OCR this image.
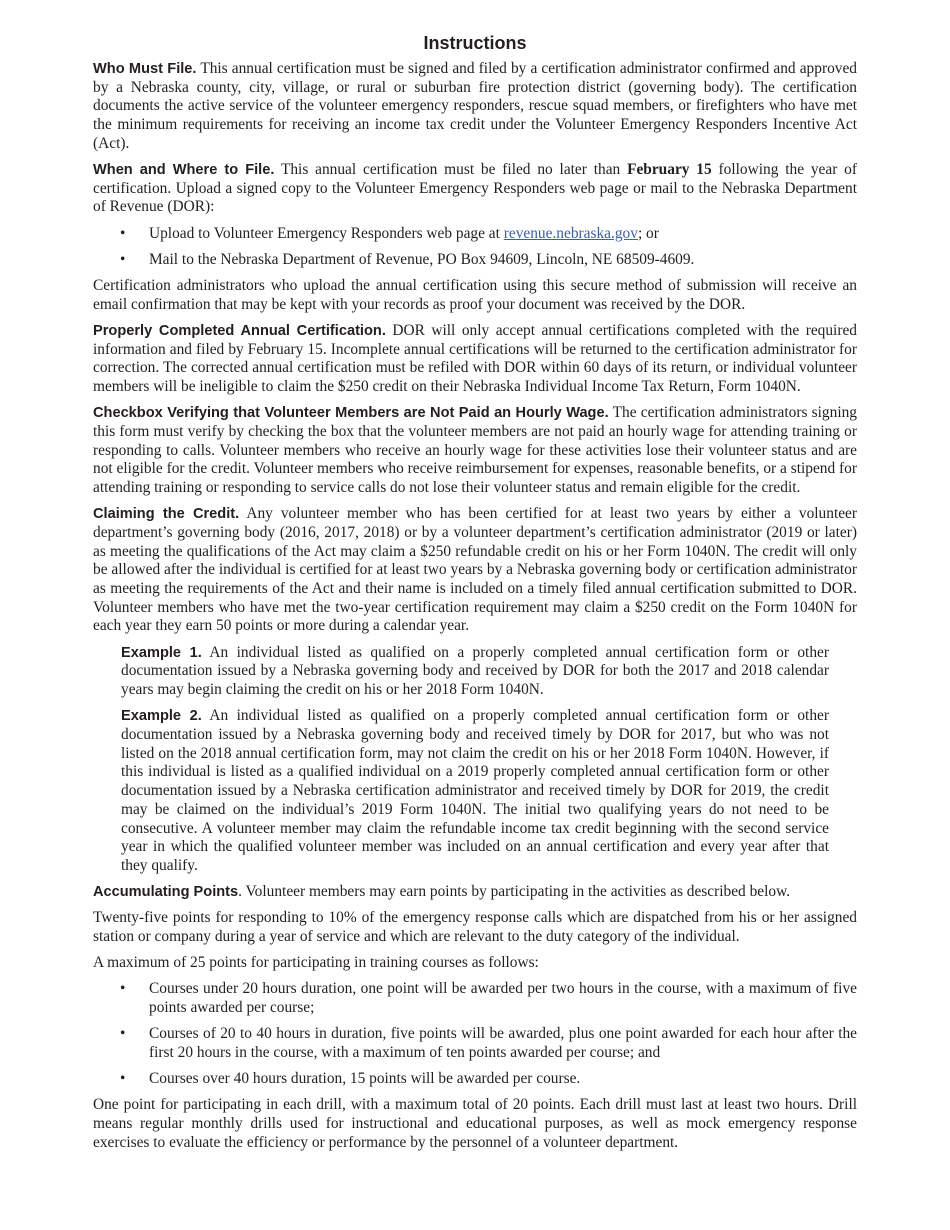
Instructions

Who Must File. This annual certification must be signed and filed by a certification administrator confirmed and approved by a Nebraska county, city, village, or rural or suburban fire protection district (governing body). The certification documents the active service of the volunteer emergency responders, rescue squad members, or firefighters who have met the minimum requirements for receiving an income tax credit under the Volunteer Emergency Responders Incentive Act (Act).

When and Where to File. This annual certification must be filed no later than February 15 following the year of certification. Upload a signed copy to the Volunteer Emergency Responders web page or mail to the Nebraska Department of Revenue (DOR):

• Upload to Volunteer Emergency Responders web page at revenue.nebraska.gov; or
• Mail to the Nebraska Department of Revenue, PO Box 94609, Lincoln, NE 68509-4609.

Certification administrators who upload the annual certification using this secure method of submission will receive an email confirmation that may be kept with your records as proof your document was received by the DOR.

Properly Completed Annual Certification. DOR will only accept annual certifications completed with the required information and filed by February 15. Incomplete annual certifications will be returned to the certification administrator for correction. The corrected annual certification must be refiled with DOR within 60 days of its return, or individual volunteer members will be ineligible to claim the $250 credit on their Nebraska Individual Income Tax Return, Form 1040N.

Checkbox Verifying that Volunteer Members are Not Paid an Hourly Wage. The certification administrators signing this form must verify by checking the box that the volunteer members are not paid an hourly wage for attending training or responding to calls. Volunteer members who receive an hourly wage for these activities lose their volunteer status and are not eligible for the credit. Volunteer members who receive reimbursement for expenses, reasonable benefits, or a stipend for attending training or responding to service calls do not lose their volunteer status and remain eligible for the credit.

Claiming the Credit. Any volunteer member who has been certified for at least two years by either a volunteer department’s governing body (2016, 2017, 2018) or by a volunteer department’s certification administrator (2019 or later) as meeting the qualifications of the Act may claim a $250 refundable credit on his or her Form 1040N. The credit will only be allowed after the individual is certified for at least two years by a Nebraska governing body or certification administrator as meeting the requirements of the Act and their name is included on a timely filed annual certification submitted to DOR. Volunteer members who have met the two-year certification requirement may claim a $250 credit on the Form 1040N for each year they earn 50 points or more during a calendar year.

Example 1. An individual listed as qualified on a properly completed annual certification form or other documentation issued by a Nebraska governing body and received by DOR for both the 2017 and 2018 calendar years may begin claiming the credit on his or her 2018 Form 1040N.

Example 2. An individual listed as qualified on a properly completed annual certification form or other documentation issued by a Nebraska governing body and received timely by DOR for 2017, but who was not listed on the 2018 annual certification form, may not claim the credit on his or her 2018 Form 1040N. However, if this individual is listed as a qualified individual on a 2019 properly completed annual certification form or other documentation issued by a Nebraska certification administrator and received timely by DOR for 2019, the credit may be claimed on the individual’s 2019 Form 1040N. The initial two qualifying years do not need to be consecutive. A volunteer member may claim the refundable income tax credit beginning with the second service year in which the qualified volunteer member was included on an annual certification and every year after that they qualify.

Accumulating Points. Volunteer members may earn points by participating in the activities as described below.

Twenty-five points for responding to 10% of the emergency response calls which are dispatched from his or her assigned station or company during a year of service and which are relevant to the duty category of the individual.

A maximum of 25 points for participating in training courses as follows:

• Courses under 20 hours duration, one point will be awarded per two hours in the course, with a maximum of five points awarded per course;
• Courses of 20 to 40 hours in duration, five points will be awarded, plus one point awarded for each hour after the first 20 hours in the course, with a maximum of ten points awarded per course; and
• Courses over 40 hours duration, 15 points will be awarded per course.

One point for participating in each drill, with a maximum total of 20 points. Each drill must last at least two hours. Drill means regular monthly drills used for instructional and educational purposes, as well as mock emergency response exercises to evaluate the efficiency or performance by the personnel of a volunteer department.
